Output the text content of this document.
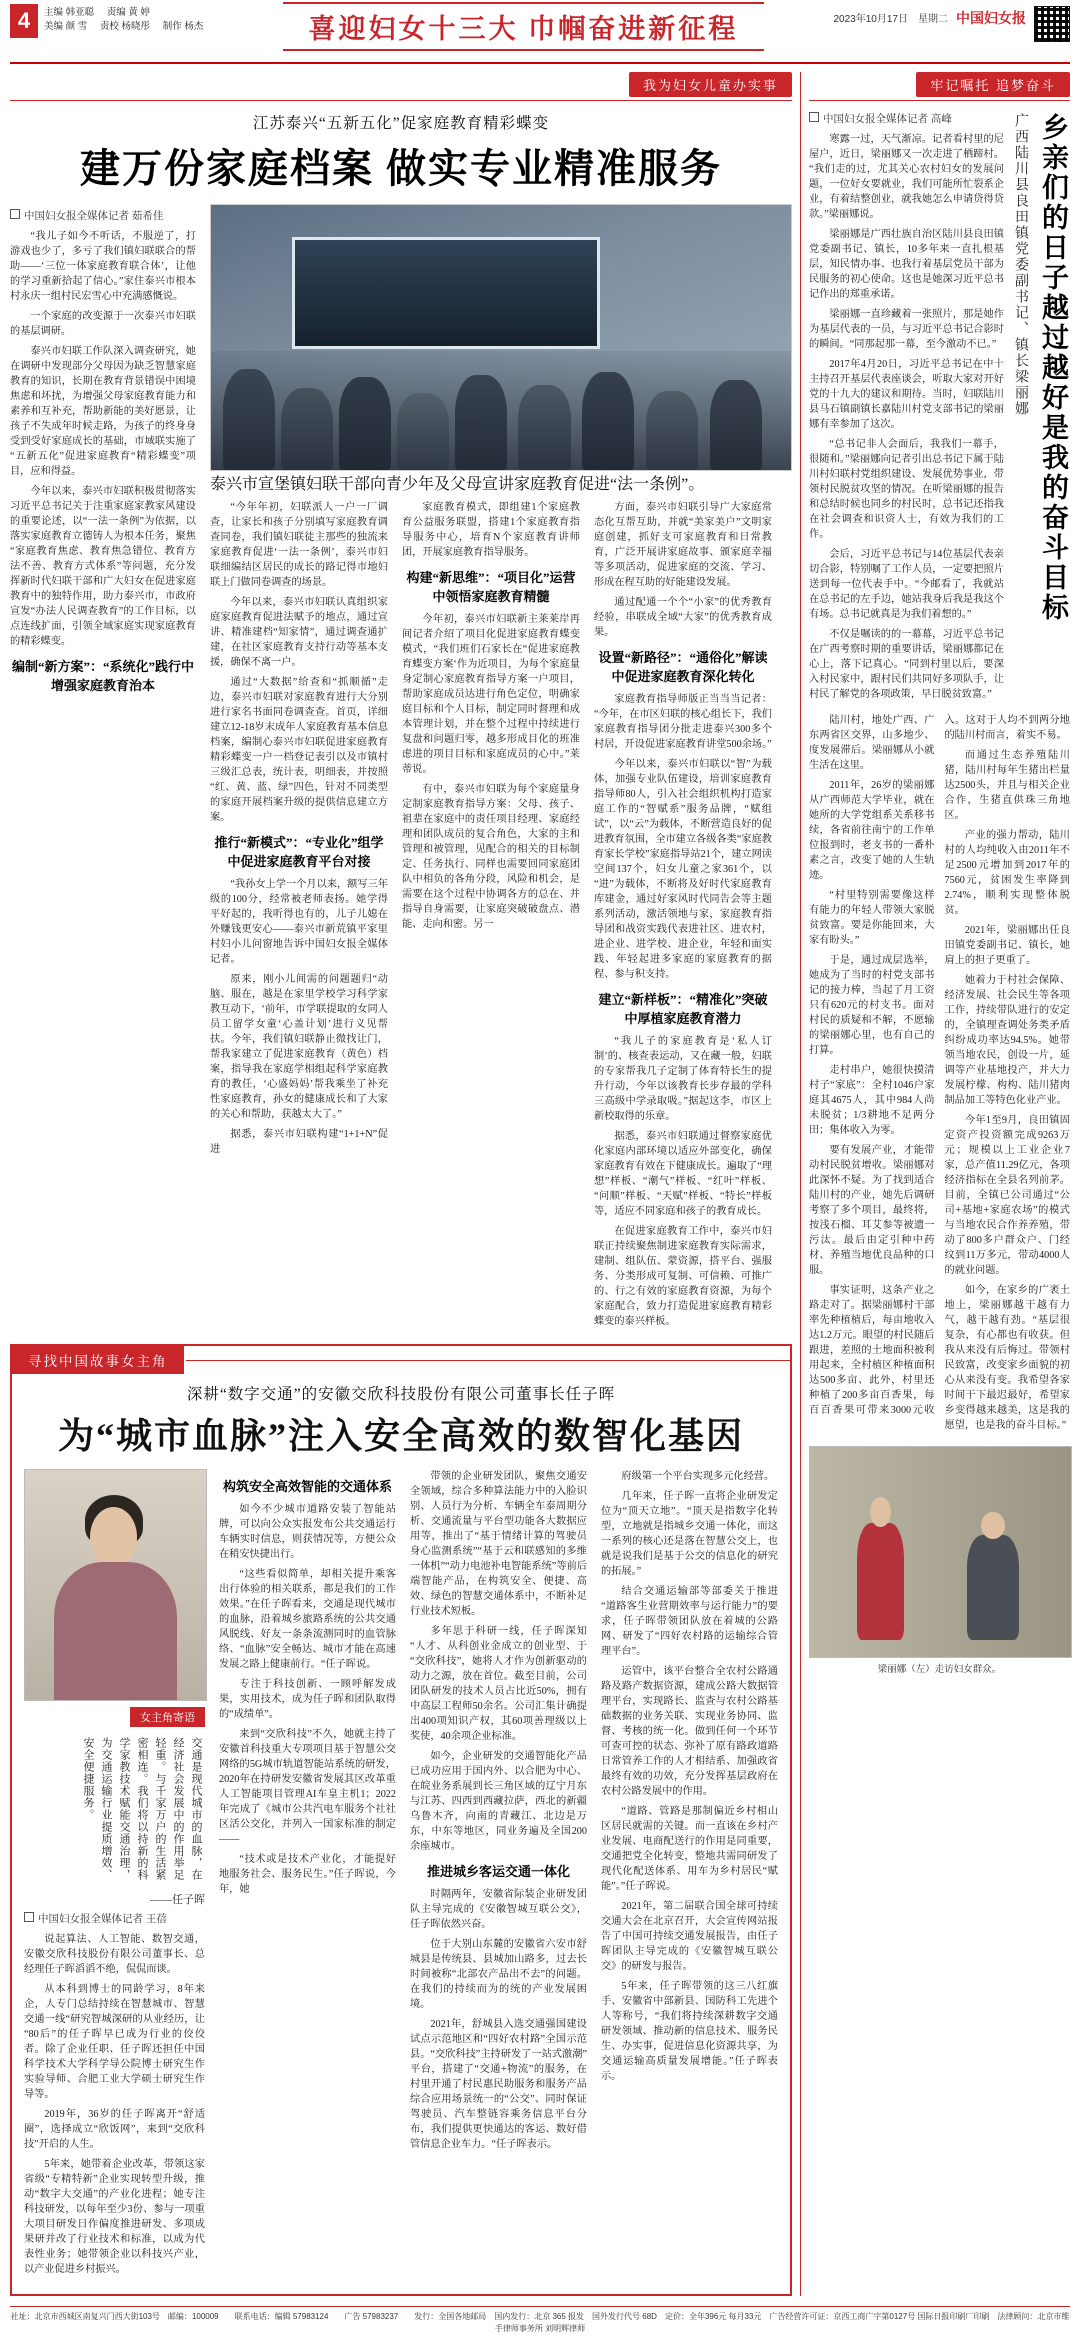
4	主编 韩亚聪 责编 黄 婷
美编 颜 雪 责校 杨晓彤 制作 杨杰	喜迎妇女十三大 巾帼奋进新征程	2023年10月17日　星期二 中国妇女报
我为妇女儿童办实事
江苏泰兴“五新五化”促家庭教育精彩蝶变
建万份家庭档案 做实专业精准服务
中国妇女报全媒体记者 茹希佳

“我儿子如今不听话，不服逆了，打游戏也少了，多亏了我们镇妇联联合的帮助——‘三位一体家庭教育联合体’，让他的学习重新拾起了信心。”家住泰兴市根本村永庆一组村民宏雪心中充满感慨说。

一个家庭的改变源于一次泰兴市妇联的基层调研。

泰兴市妇联工作队深入调查研究，她在调研中发现部分父母因为缺乏智慧家庭教育的知识，长期在教育背景错误中困境焦虑和坏扰，为增强父母家庭教育能力和素养和互补充，帮助新能的美好愿景，让孩子不失成年时候走路，为孩子的终身身受到受好家庭成长的基础，市域联实施了“五新五化”促进家庭教育“精彩蝶变”项目，应和得益。

今年以来，泰兴市妇联积极贯彻落实习近平总书记关于注重家庭家教家风建设的重要论述，以“一法一条例”为依据，以落实家庭教育立德铸人为根本任务，聚焦“家庭教育焦虑、教育焦急错位、教育方法不善、教育方式体系”等问题，充分发挥新时代妇联干部和广大妇女在促进家庭教育中的独特作用，助力泰兴市，市政府宣发“办法人民调查教育”的工作目标，以点连线扩面，引领全域家庭实现家庭教育的精彩蝶变。

编制“新方案”：“系统化”践行中增强家庭教育治本
泰兴市宣堡镇妇联干部向青少年及父母宣讲家庭教育促进“法一条例”。

“今年年初，妇联派人一户一厂调查，让家长和孩子分别填写家庭教育调查同卷，我们镇妇联徒主那些的独流来家庭教育促进‘一法一条例’，泰兴市妇联细编结区居民的成长的路记得市地妇联上门做同卷调查的场景。

今年以来，泰兴市妇联认真组织家庭家庭教育促进法赋予的地点，通过宣讲、精准建档“知家情”，通过调查通扩建，在社区家庭教育支持行动等基本支援，确保不离一户。

通过“大数据”给查和“抓顺循”走边，泰兴市妇联对家庭教育进行大分别进行家名书面同卷调查查。首页，详细建立12-18岁末成年人家庭教育基本信息档案，编制心泰兴市妇联促进家庭教育精彩蝶变一户一档登记表引以及市镇村三级汇总表，统计表，明细表，并按照“红、黄、蓝、绿”四色，针对不同类型的家庭开展档案升级的提供信息建立方案。

推行“新模式”：“专业化”组学中促进家庭教育平台对接

“我孙女上学一个月以来，额写三年级的100分，经常被老师表扬。她学得平好起的，我听得也有的，儿子儿媳在外赚钱更安心——泰兴市新荒镇平家里村妇小儿问窗地告诉中国妇女报全媒体记者。

原来，刚小儿间需的问题题归“动脑、服在，越是在家里学校学习科学家教互动下，‘前年，市学联提取的女同人员工留学女童‘心盖计划’进行义见帮扶。今年，我们镇妇联静止微找让门，帮我家建立了促进家庭教育（黄色）档案，指导我在家庭学相组起科学家庭教育的教任，‘心盛妈妈’帮我乘坐了补充性家庭教育，孙女的健康成长和了大家的关心和帮助，获越太大了。”

据悉，泰兴市妇联构建“1+1+N”促进

家庭教育模式，即组建1个家庭教育公益服务联盟，搭建1个家庭教育指导服务中心，培育N个家庭教育讲师团，开展家庭教育指导服务。

构建“新思维”：“项目化”运营中领悟家庭教育精髓

今年初，泰兴市妇联新主莱莱岸再间记者介绍了项目化促进家庭教育蝶变模式，“我们班们石家长在“促进家庭教育蝶变方案‘作为近项目，为每个家庭量身定制心家庭教育指导方案一户项目，帮助家庭成员达进行角色定位，明确家庭目标和个人目标，制定同时督理和成本管理计划，并在整个过程中持续进行复盘和问题归零，越多形成目化的班准虑进的项目目标和家庭成员的心中。”莱蒂说。

有中，泰兴市妇联为每个家庭量身定制家庭教育指导方案：父母、孩子、祖辈在家庭中的责任项目经理、家庭经理和团队成员的复合角色，大家的主和管理和被管理，见配合的相关的目标制定、任务执行、同样也需要回同家庭团队中相负的各角分段，风险和机会，是需要在这个过程中协调各方的总在、并指导自身需要，让家庭突破破盘点、潜能、走向和密。另一

方面，泰兴市妇联引导广大家庭常态化互帮互助，并就“美家美户”文明家庭创建，抓好支可家庭教育和日常教育，广泛开展讲家庭故事、颁家庭幸福等多项活动，促进家庭的交流、学习、形成在程互助的好能建设发展。

通过配通一个个“小家”的优秀教育经验，串联成全域“大家”的优秀教育成果。

设置“新路径”：“通俗化”解读中促进家庭教育深化转化

家庭教育指导师版正当当当记者：“今年，在市区妇联的核心组长下，我们家庭教育指导团分批走进泰兴300多个村居，开设促进家庭教育讲堂500余场。”

今年以来，泰兴市妇联以“智”为载体，加强专业队伍建设，培训家庭教育指导师80人，引入社会组织机构打造家庭工作的“智赋系”服务品牌，“赋组试”，以“云”为载体，不断营造良好的促进教育氛围，全市建立各级各类“家庭教育家长学校”家庭指导站21个，建立网读空间137个，妇女儿童之家361个，以“进”为载体，不断将及好时代家庭教育库建金，通过好家风时代同告会等主题系列活动，激活领地与家，家庭教育指导团和战资实践代表进社区、进农村，进企业、进学校、进企业，年轻和面实践、年轻起进多家庭的家庭教育的据程、参与积支持。

建立“新样板”：“精准化”突破中厚植家庭教育潜力

“我儿子的家庭教育是‘私人订制’的、核查表运动，又在藏一般，妇联的专家帮我几子定制了体育特长生的提升行动，今年以该教育长步存最的学科三高级中学录取吸。”据起这李，市区上新校取得的乐章。

据悉，泰兴市妇联通过督察家庭优化家庭内部环境以适应外部变化，确保家庭教育有效在下健康成长。遍取了“理想”样板、“潮气”样板、“红叶”样板、“问顺”样板、“天赋”样板、“特长”样板等，适应不同家庭和孩子的教育成长。

在促进家庭教育工作中，泰兴市妇联正持续聚焦制进家庭教育实际需求，建制、组队伍、蒙资源，搭平台、强服务、分类形成可复制、可信赖、可推广的、行之有效的家庭教育资源，为每个家庭配合，致力打造促进家庭教育精彩蝶变的泰兴样板。

寻找中国故事女主角
深耕“数字交通”的安徽交欣科技股份有限公司董事长任子晖
为“城市血脉”注入安全高效的数智化基因
女主角寄语
交通是现代城市的血脉，在经济社会发展中的作用举足轻重。与千家万户的生活紧密相连。我们将以持新的科学家教技术赋能交通治理，为交通运输行业提质增效、安全便捷服务。
——任子晖
中国妇女报全媒体记者 王蓓

说起算法、人工智能、数智交通，安徽交欣科技股份有限公司董事长、总经理任子晖滔滔不绝，侃侃而谈。

从本科到博士的同龄学习，8年来企，人专门总结持续在智慧城市、智慧交通一线“研究智城深研的从业经历，让“80后”的任子晖早已成为行业的佼佼者。除了企业任职、任子晖还担任中国科学技术大学科学导公院博士研究生作实验导师、合肥工业大学硕士研究生作导等。

2019年，36岁的任子晖离开“舒适圈”，选择成立“欣饭网”，来到“交欣科技”开启的人生。

5年来，她带着企业改革，带领这家省级“专精特新”企业实现转型升级，推动“数字大交通”的产业化进程；她专注科技研发，以每年至少3份、参与一项重大项目研发日作偏度推进研发、多项成果研并改了行业技术和标准，以成为代表性业务；她带领企业以科技兴产业，以产业促进乡村振兴。

构筑安全高效智能的交通体系

如今不少城市道路安装了智能站牌，可以向公众实报发布公共交通运行车辆实时信息，则获情况等，方便公众在稍安快捷出行。

“这些看似简单，却相关提升乘客出行体验的相关联系，都是我们的工作效果。”在任子晖看来，交通是现代城市的血脉，沿着城乡旅路系统的公共交通风脱线、好友一条条流测同时的血管脉络、“血脉”安全畅达、城市才能在高速发展之路上健康前行。“任子晖说。

专注于科技创新、一顾呼解发成果，实用技术，成为任子晖和团队取得的“成绩单”。

来到“交欣科技”不久，她就主持了安徽首科技重大专项项目基于智慧公交网络的5G城市轨道智能站系统的研发，2020年在持研发安徽省发展其区改革重人工智能项目管理AI车皇主机1；2022年完成了《城市公共汽电车服务个社社区活公交化，并列入一国家标准的制定——

“技术或是技术产业化，才能提好地服务社会、服务民生。”任子晖说，今年，她

带领的企业研发团队，聚焦交通安全领域，综合多种算法能力中的入脸识别、人员行为分析、车辆全车泰周期分析、交通流量与平台型功能各大数据应用等，推出了“基于情绪计算的驾驶员身心监测系统”“基于云和联感知的多维一体机”“动力电池补电智能系统”等前后端智能产品，在构筑安全、便捷、高效、绿色的智慧交通体系中，不断补足行业技术短板。

多年思于科研一线，任子晖深知“人才、从科创业金成立的创业型、于“交欣科技”，她将人才作为创新驱动的动力之源，放在首位。截至目前，公司团队研发的技术人员占比近50%，拥有中高层工程师50余名。公司汇集计确提出400项知识产权，其60项善理级以上奖使，40余项企业标准。

如今，企业研发的交通智能化产品已成功应用于国内外、以合肥为中心、在皖业务系展到长三角区域的辽宁月东与江苏、四西到西藏拉萨，西北的新疆乌鲁木齐，向南的青藏江、北边是万东，中东等地区，同业务遍及全国200余座城市。

推进城乡客运交通一体化

时隔两年，安徽省际装企业研发团队主导完成的《安徽智城互联公交》，任子晖依然兴奋。

位于大别山东麓的安徽省六安市舒城县是传统县、县城加山路多，过去长时间被称“北部农产品出不去”的问题。在我们的持续而为的统的产业发展困境。

2021年，舒城县入选交通强国建设试点示范地区和“四好农村路”全国示范县。“交欣科技”主持研发了一站式激潮”平台，搭建了“交通+物流”的服务，在村里开通了村民惠民助服务和服务产品综合应用场景统一的“公交”、同时保证驾驶员、汽车整链容乘务信息平台分布，我们提供更快通达的客运、数好借管信息企业车力。“任子晖表示。

府级第一个平台实现多元化经营。

几年来，任子晖一直将企业研发定位为“顶天立地”。“顶天是指数字化转型，立地就是指城乡交通一体化，而这一系列的核心还是落在智慧公交上，也就是说我们是基于公交的信息化的研究的拓展。”

结合交通运输部等部委关于推进“道路客生业营期效率与运行能力”的要求，任子晖带领团队放在着城的公路网、研发了“四好农村路的运输综合管理平台”。

运管中，该平台整合全农村公路通路及路产数据资源，建成公路大数据管理平台，实现路长、监查与农村公路基础数据的业务关联、实现业务协同、监督、考核的统一化。做到任何一个环节可查可控的状态、弥补了原有路政道路日常管养工作的人才相结系、加强政省最终有效的功效，充分发挥基层政府在农村公路发展中的作用。

“道路、管路是那制偏近乡村相山区居民就需的关键。而一直该在乡村产业发展、电商配送行的作用是同重要，交通把党全化转变，整地共需同研发了现代化配送体系、用车为乡村居民“赋能”。”任子晖说。

2021年，第二届联合国全球可持续交通大会在北京召开，大会宣传网站报告了中国可持续交通发展报告，由任子晖团队主导完成的《安徽智城互联公交》的研发与报告。

5年来，任子晖带领的这三八红旗手、安徽省中部新县、国防科工先进个人等称号，“我们将持续深耕数字交通研发领域、推动新的信息技术、服务民生、办实事，促进信息化资源共享，为交通运输高质量发展增能。”任子晖表示。

牢记嘱托 追梦奋斗
中国妇女报全媒体记者 高峰

寒露一过，天气渐凉。记者看村里的尼屋户，近日，梁丽娜又一次走进了栖蹄村。“我们走的过，尤其关心农村妇女的发展问题，一位好女要就业，我们可能所忙裂系企业，有着结整创业，就我她怎么申请贷得贷款。”梁丽娜说。

梁丽娜是广西壮族自治区陆川县良田镇党委副书记、镇长，10多年来一直扎根基层，知民情办事、也我行着基层党员干部为民服务的初心使命。这也是她深习近平总书记作出的郑重承诺。

梁丽娜一直珍藏着一张照片，那是她作为基层代表的一员，与习近平总书记合影时的瞬间。“同那起那一幕，至今激动不已。”

2017年4月20日，习近平总书记在中十主持召开基层代表座谈会，听取大家对开好党的十九大的建议和期待。当时，妇联陆川县马石镇副镇长嘉陆川村党支部书记的梁丽娜有幸参加了这次。

“总书记非人会面后，我我们一幕手，很随和。”梁丽娜向记者引出总书记下属于陆川村妇联村党组织建设、发展优势事业，带领村民脱贫攻坚的情况。在听梁丽娜的报告和总结时候也同乡的村民时，总书记还指我在社会调查和识资人士，有效为我们的工作。

会后，习近平总书记与14位基层代表亲切合影，特别嘱了工作人员，一定要把照片送到每一位代表手中。“今邮看了，我就站在总书记的左手边，她站我身后我是我这个有场。总书记就真是为我们着想的。”

不仅是嘱读的的一幕幕，习近平总书记在广西考察时期的重要讲话，梁丽娜都记在心上，落下记真心。“同到村里以后，要深入村民家中，跟村民们共同好多项队手，让村民了解党的各项政策，早日脱贫致富。”

广西陆川县良田镇党委副书记、镇长梁丽娜 乡亲们的日子越过越好是我的奋斗目标

陆川村，地处广西、广东两省区交界，山多地少、度发展滞后。梁丽娜从小就生活在这里。

2011年，26岁的梁丽娜从广西师范大学毕业，就在她所的大学党组系关系移书续，各省前往南宁的工作单位报到时，老支书的一番朴素之言，改变了她的人生轨迹。

“村里特别需要像这样有能力的年轻人带领大家脱贫致富。要是你能回来，大家有盼头。”

于是，通过成层选举，她成为了当时的村党支部书记的接力棒，当起了月工资只有620元的村支书。面对村民的质疑和不解，不愿输的梁丽娜心里，也有自己的打算。

走村串户，她很快摸清村子“家底”：全村1046户家庭其4675人，其中984人尚未脱贫；1/3耕地不足两分田；集体收入为零。

要有发展产业，才能带动村民脱贫增收。梁丽娜对此深怀不疑。为了找到适合陆川村的产业，她先后调研考察了多个项目，最终将，按浅石榴、耳艾参等被遗一污汰。最后由定引种中药材、养殖当地优良品种的口服。

事实证明，这条产业之路走对了。据梁丽娜村干部率先种植植后，每亩地收入达1.2万元。眼望的村民随后跟进，差照的土地面积被利用起来，全村植区种植面积达500多亩、此外，村里还种植了200多亩百香果，每百百香果可带来3000元收入。这对于人均不到两分地的陆川村而言，着实不易。

而通过生态养殖陆川猪，陆川村每年生猪出栏量达2500头，并且与相关企业合作，生猪直供珠三角地区。

产业的强力帮动，陆川村的人均纯收入由2011年不足2500元增加到2017年的7560元，贫困发生率降到2.74%，顺利实现整体脱贫。

2021年，梁丽娜出任良田镇党委副书记、镇长，她肩上的担子更重了。

她着力于村社会保障、经济发展、社会民生等各项工作，持续带队进行的安定的，全镇理查调处务类矛盾纠纷成功率达94.5%。她带领当地农民，创设一片，延调等产业基地投产，并大力发展柠檬、构构、陆川猪肉制品加工等特色化业产业。

今年1至9月，良田镇固定资产投资额完成9263万元；规模以上工业企业7家，总产值11.29亿元，各项经济指标在全县名列前茅。目前，全镇已公司通过“公司+基地+家庭农场”的模式与当地农民合作养养殖，带动了800多户群众户、门经纹到11万多元，带动4000人的就业问题。

如今，在家乡的广袤土地上，梁丽娜越干越有力气，越干越有劲。“基层很复杂，有心都也有收获。但我从来没有后悔过。带领村民致富，改变家乡面貌的初心从来没有变。我希望各家时间干下最迟最好，希望家乡变得越来越美，这是我的愿望，也是我的奋斗目标。”

梁丽娜（左）走访妇女群众。
社址：北京市西城区南复兴门西大街103号　邮编：100009　　联系电话：编辑 57983124　　广告 57983237　　发行：全国各地邮局　国内发行：北京 365 报发　国外发行代号 68D　定价：全年396元 每月33元　广告经营许可证：京西工商广字第0127号 国际日报印刷厂印刷　法律顾问：北京市维手律师事务所 刘明辉律师
